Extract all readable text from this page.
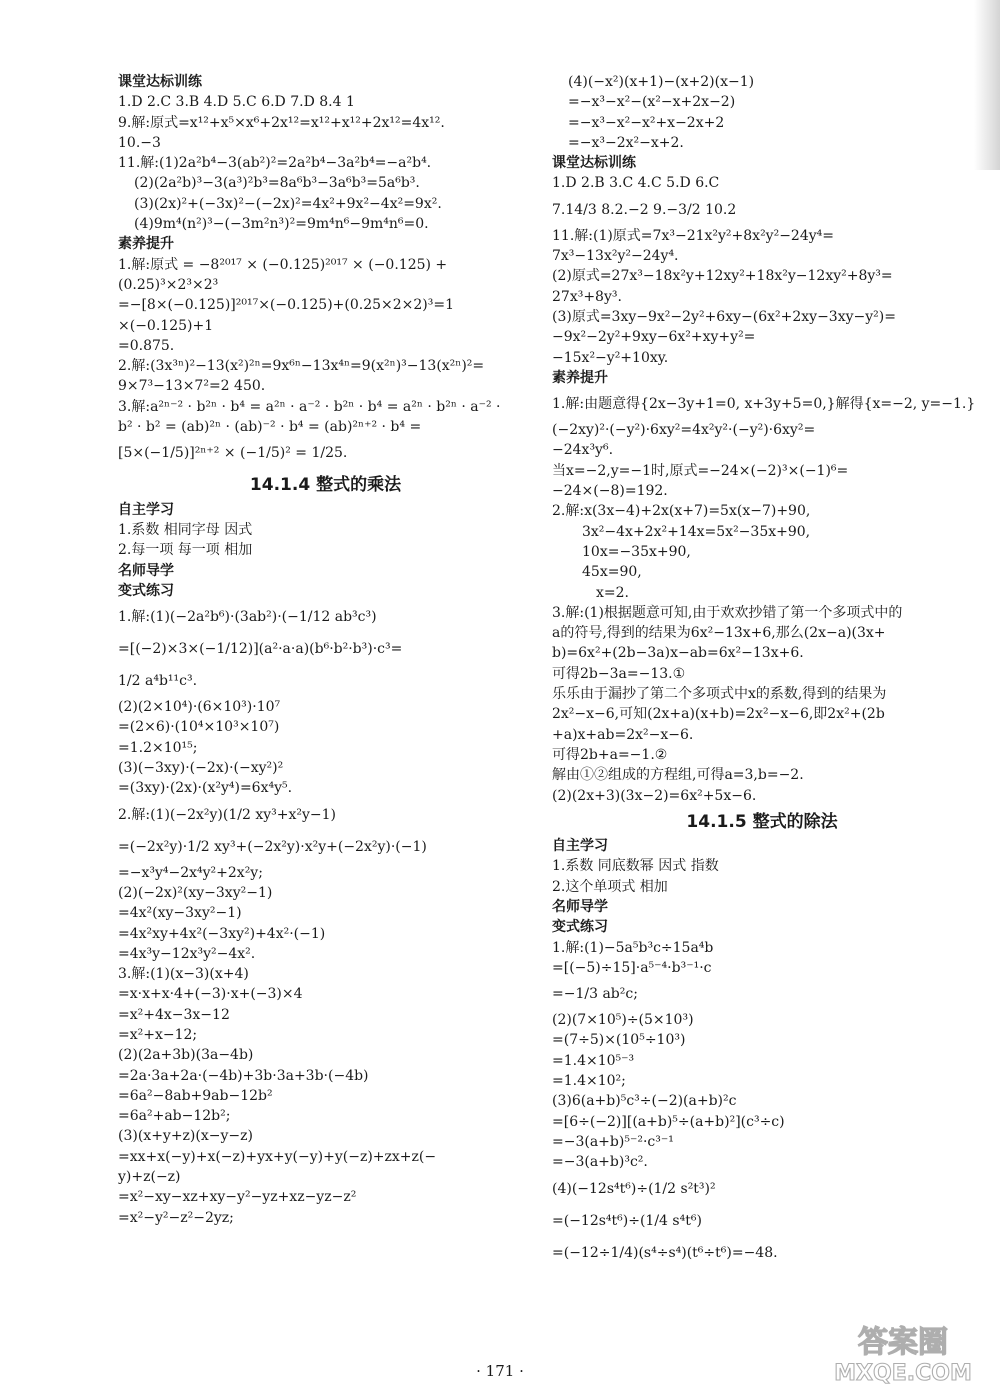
课堂达标训练
1.D 2.C 3.B 4.D 5.C 6.D 7.D 8.4 1
9.解:原式=x¹²+x⁵×x⁶+2x¹²=x¹²+x¹²+2x¹²=4x¹².
10.−3
11.解:(1)2a²b⁴−3(ab²)²=2a²b⁴−3a²b⁴=−a²b⁴.
(2)(2a²b)³−3(a³)²b³=8a⁶b³−3a⁶b³=5a⁶b³.
(3)(2x)²+(−3x)²−(−2x)²=4x²+9x²−4x²=9x².
(4)9m⁴(n²)³−(−3m²n³)²=9m⁴n⁶−9m⁴n⁶=0.
素养提升
1.解:原式 = −8²⁰¹⁷ × (−0.125)²⁰¹⁷ × (−0.125) +
(0.25)³×2³×2³
=−[8×(−0.125)]²⁰¹⁷×(−0.125)+(0.25×2×2)³=1
×(−0.125)+1
=0.875.
2.解:(3x³ⁿ)²−13(x²)²ⁿ=9x⁶ⁿ−13x⁴ⁿ=9(x²ⁿ)³−13(x²ⁿ)²=
9×7³−13×7²=2 450.
3.解:a²ⁿ⁻² · b²ⁿ · b⁴ = a²ⁿ · a⁻² · b²ⁿ · b⁴ = a²ⁿ · b²ⁿ · a⁻² ·
b² · b² = (ab)²ⁿ · (ab)⁻² · b⁴ = (ab)²ⁿ⁺² · b⁴ =
[5×(−1/5)]²ⁿ⁺² × (−1/5)² = 1/25.
14.1.4 整式的乘法
自主学习
1.系数 相同字母 因式
2.每一项 每一项 相加
名师导学
变式练习
1.解:(1)(−2a²b⁶)·(3ab²)·(−1/12 ab³c³)
=[(−2)×3×(−1/12)](a²·a·a)(b⁶·b²·b³)·c³=
1/2 a⁴b¹¹c³.
(2)(2×10⁴)·(6×10³)·10⁷
=(2×6)·(10⁴×10³×10⁷)
=1.2×10¹⁵;
(3)(−3xy)·(−2x)·(−xy²)²
=(3xy)·(2x)·(x²y⁴)=6x⁴y⁵.
2.解:(1)(−2x²y)(1/2 xy³+x²y−1)
=(−2x²y)·1/2 xy³+(−2x²y)·x²y+(−2x²y)·(−1)
=−x³y⁴−2x⁴y²+2x²y;
(2)(−2x)²(xy−3xy²−1)
=4x²(xy−3xy²−1)
=4x²xy+4x²(−3xy²)+4x²·(−1)
=4x³y−12x³y²−4x².
3.解:(1)(x−3)(x+4)
=x·x+x·4+(−3)·x+(−3)×4
=x²+4x−3x−12
=x²+x−12;
(2)(2a+3b)(3a−4b)
=2a·3a+2a·(−4b)+3b·3a+3b·(−4b)
=6a²−8ab+9ab−12b²
=6a²+ab−12b²;
(3)(x+y+z)(x−y−z)
=xx+x(−y)+x(−z)+yx+y(−y)+y(−z)+zx+z(−
y)+z(−z)
=x²−xy−xz+xy−y²−yz+xz−yz−z²
=x²−y²−z²−2yz;
(4)(−x²)(x+1)−(x+2)(x−1)
=−x³−x²−(x²−x+2x−2)
=−x³−x²−x²+x−2x+2
=−x³−2x²−x+2.
课堂达标训练
1.D 2.B 3.C 4.C 5.D 6.C
7.14/3 8.2.−2 9.−3/2 10.2
11.解:(1)原式=7x³−21x²y²+8x²y²−24y⁴=
7x³−13x²y²−24y⁴.
(2)原式=27x³−18x²y+12xy²+18x²y−12xy²+8y³=
27x³+8y³.
(3)原式=3xy−9x²−2y²+6xy−(6x²+2xy−3xy−y²)=
−9x²−2y²+9xy−6x²+xy+y²=
−15x²−y²+10xy.
素养提升
1.解:由题意得{2x−3y+1=0, x+3y+5=0,}解得{x=−2, y=−1.}
(−2xy)²·(−y²)·6xy²=4x²y²·(−y²)·6xy²=
−24x³y⁶.
当x=−2,y=−1时,原式=−24×(−2)³×(−1)⁶=
−24×(−8)=192.
2.解:x(3x−4)+2x(x+7)=5x(x−7)+90,
3x²−4x+2x²+14x=5x²−35x+90,
10x=−35x+90,
45x=90,
x=2.
3.解:(1)根据题意可知,由于欢欢抄错了第一个多项式中的
a的符号,得到的结果为6x²−13x+6,那么(2x−a)(3x+
b)=6x²+(2b−3a)x−ab=6x²−13x+6.
可得2b−3a=−13.①
乐乐由于漏抄了第二个多项式中x的系数,得到的结果为
2x²−x−6,可知(2x+a)(x+b)=2x²−x−6,即2x²+(2b
+a)x+ab=2x²−x−6.
可得2b+a=−1.②
解由①②组成的方程组,可得a=3,b=−2.
(2)(2x+3)(3x−2)=6x²+5x−6.
14.1.5 整式的除法
自主学习
1.系数 同底数幂 因式 指数
2.这个单项式 相加
名师导学
变式练习
1.解:(1)−5a⁵b³c÷15a⁴b
=[(−5)÷15]·a⁵⁻⁴·b³⁻¹·c
=−1/3 ab²c;
(2)(7×10⁵)÷(5×10³)
=(7÷5)×(10⁵÷10³)
=1.4×10⁵⁻³
=1.4×10²;
(3)6(a+b)⁵c³÷(−2)(a+b)²c
=[6÷(−2)][(a+b)⁵÷(a+b)²](c³÷c)
=−3(a+b)⁵⁻²·c³⁻¹
=−3(a+b)³c².
(4)(−12s⁴t⁶)÷(1/2 s²t³)²
=(−12s⁴t⁶)÷(1/4 s⁴t⁶)
=(−12÷1/4)(s⁴÷s⁴)(t⁶÷t⁶)=−48.
· 171 ·
答案圈
MXQE.COM
